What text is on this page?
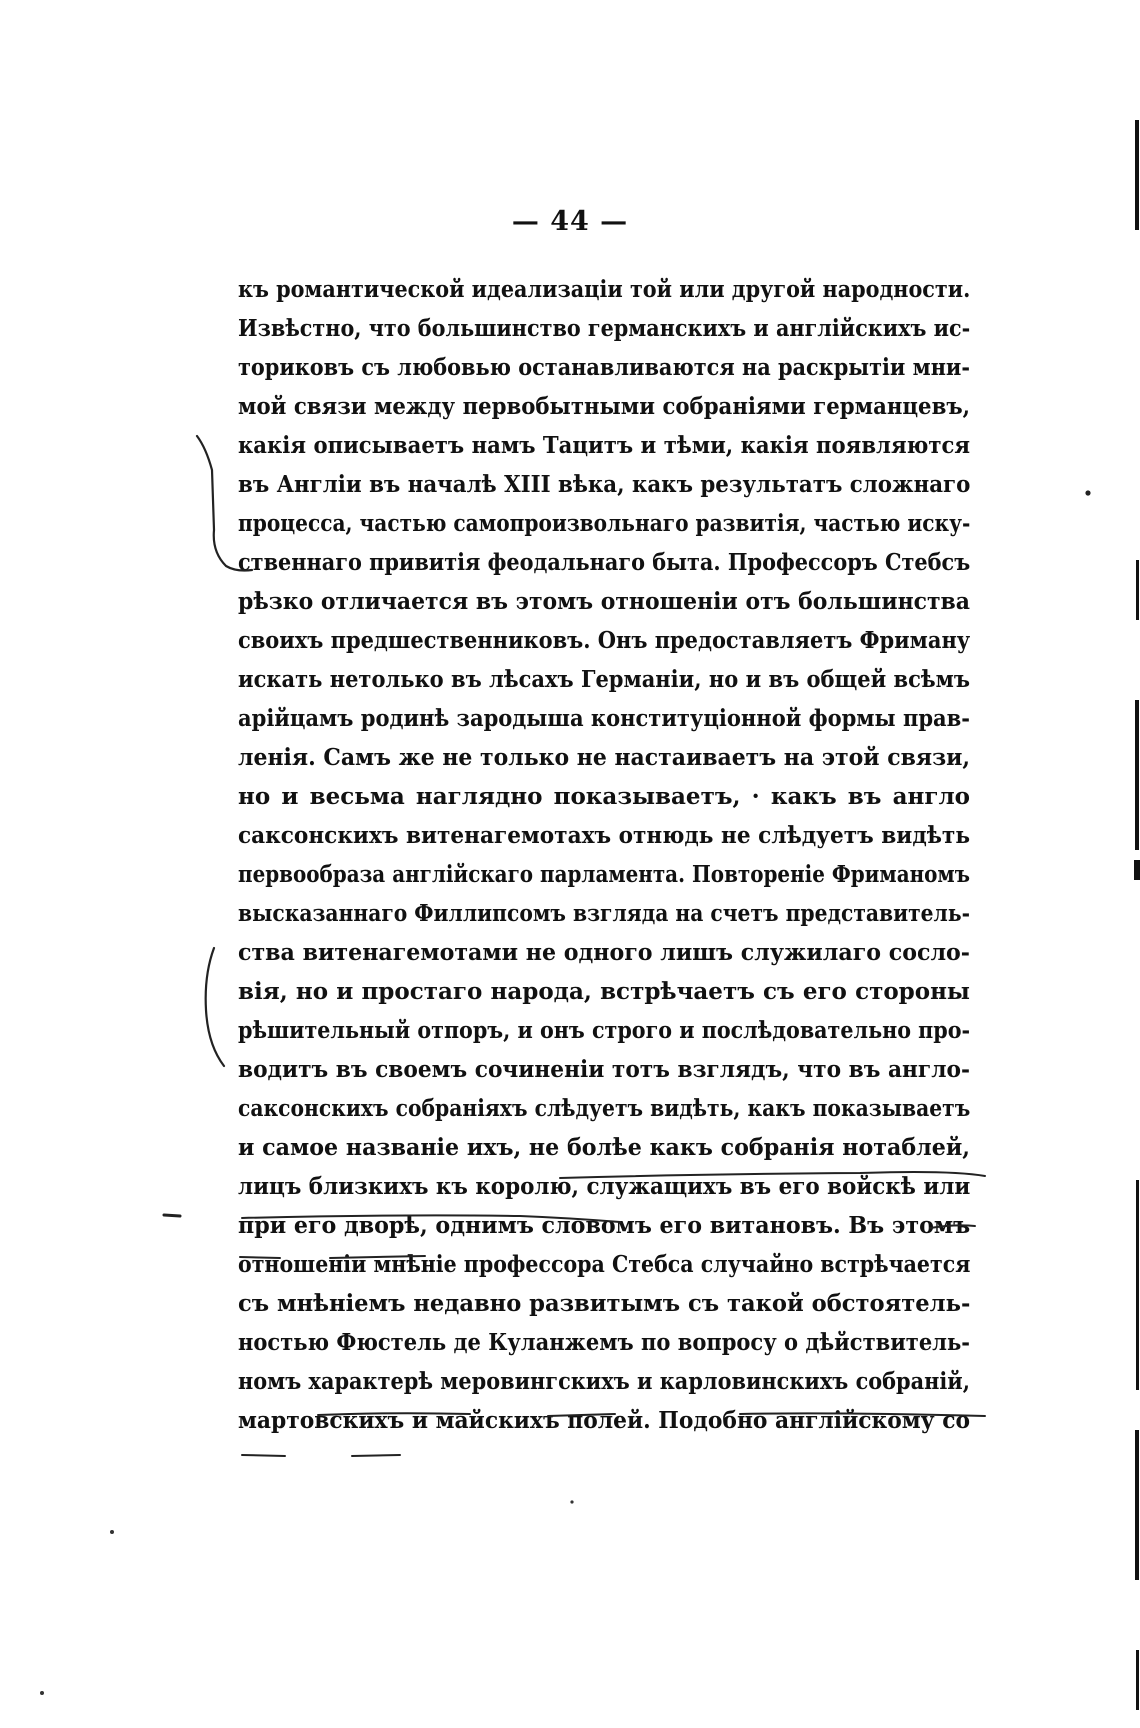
— 44 —
къ романтической идеализаціи той или другой народности.
Извѣстно, что большинство германскихъ и англійскихъ ис-
ториковъ съ любовью останавливаются на раскрытіи мни-
мой связи между первобытными собраніями германцевъ,
какія описываетъ намъ Тацитъ и тѣми, какія появляются
въ Англіи въ началѣ XIII вѣка, какъ результатъ сложнаго
процесса, частью самопроизвольнаго развитія, частью иску-
ственнаго привитія феодальнаго быта. Профессоръ Стебсъ
рѣзко отличается въ этомъ отношеніи отъ большинства
своихъ предшественниковъ. Онъ предоставляетъ Фриману
искать нетолько въ лѣсахъ Германіи, но и въ общей всѣмъ
арійцамъ родинѣ зародыша конституціонной формы прав-
ленія. Самъ же не только не настаиваетъ на этой связи,
но и весьма наглядно показываетъ, · какъ въ англо
саксонскихъ витенагемотахъ отнюдь не слѣдуетъ видѣть
первообраза англійскаго парламента. Повтореніе Фриманомъ
высказаннаго Филлипсомъ взгляда на счетъ представитель-
ства витенагемотами не одного лишъ служилаго сосло-
вія, но и простаго народа, встрѣчаетъ съ его стороны
рѣшительный отпоръ, и онъ строго и послѣдовательно про-
водитъ въ своемъ сочиненіи тотъ взглядъ, что въ англо-
саксонскихъ собраніяхъ слѣдуетъ видѣть, какъ показываетъ
и самое названіе ихъ, не болѣе какъ собранія нотаблей,
лицъ близкихъ къ королю, служащихъ въ его войскѣ или
при его дворѣ, однимъ словомъ его витановъ. Въ этомъ
отношеніи мнѣніе профессора Стебса случайно встрѣчается
съ мнѣніемъ недавно развитымъ съ такой обстоятель-
ностью Фюстель де Куланжемъ по вопросу о дѣйствитель-
номъ характерѣ меровингскихъ и карловинскихъ собраній,
мартовскихъ и майскихъ полей. Подобно англійскому со
